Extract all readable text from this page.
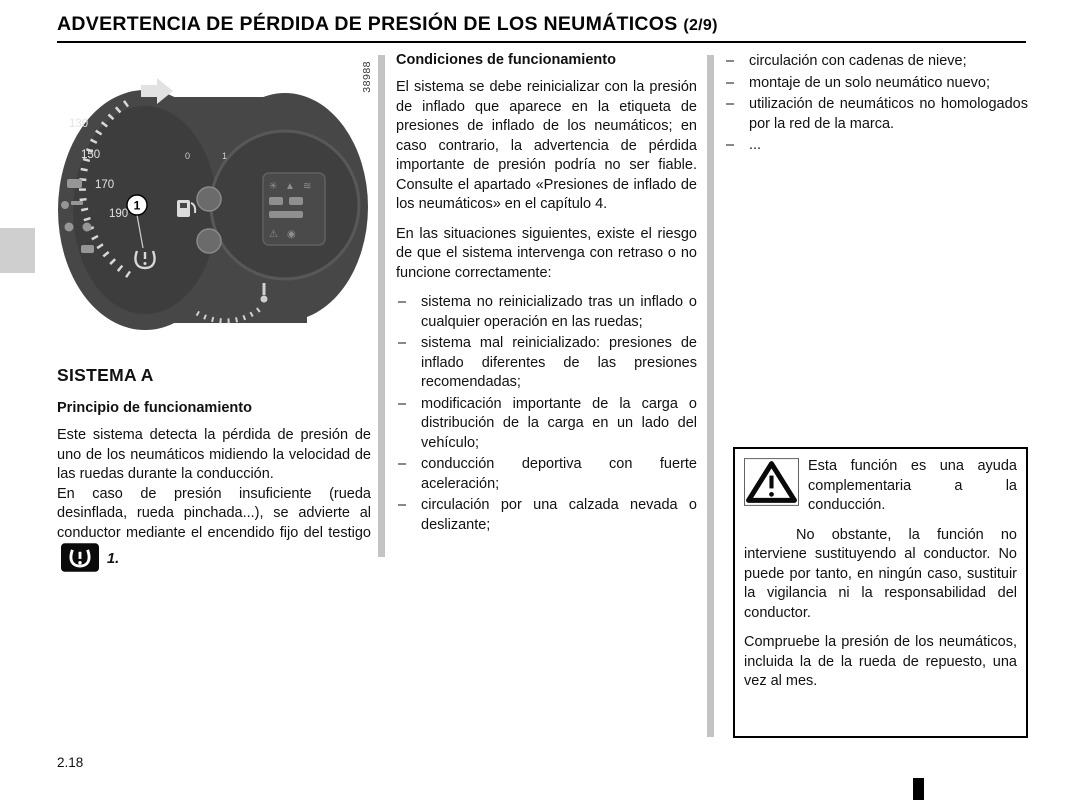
ADVERTENCIA DE PÉRDIDA DE PRESIÓN DE LOS NEUMÁTICOS (2/9)
130
150
170
190
1
0	1
✳ ▲ ≋
⚠ ◉
38988
SISTEMA A
Principio de funcionamiento

Este sistema detecta la pérdida de presión de uno de los neumáticos midiendo la velocidad de las ruedas durante la conducción.

En caso de presión insuficiente (rueda desinflada, rueda pinchada...), se advierte al conductor mediante el encendido fijo del testigo  1.

Condiciones de funcionamiento

El sistema se debe reinicializar con la presión de inflado que aparece en la etiqueta de presiones de inflado de los neumáticos; en caso contrario, la advertencia de pérdida importante de presión podría no ser fiable. Consulte el apartado «Presiones de inflado de los neumáticos» en el capítulo 4.

En las situaciones siguientes, existe el riesgo de que el sistema intervenga con retraso o no funcione correctamente:

– sistema no reinicializado tras un inflado o cualquier operación en las ruedas;
– sistema mal reinicializado: presiones de inflado diferentes de las presiones recomendadas;
– modificación importante de la carga o distribución de la carga en un lado del vehículo;
– conducción deportiva con fuerte aceleración;
– circulación por una calzada nevada o deslizante;
– circulación con cadenas de nieve;
– montaje de un solo neumático nuevo;
– utilización de neumáticos no homologados por la red de la marca.
– ...

Esta función es una ayuda complementaria a la conducción.

No obstante, la función no interviene sustituyendo al conductor. No puede por tanto, en ningún caso, sustituir la vigilancia ni la responsabilidad del conductor.

Compruebe la presión de los neumáticos, incluida la de la rueda de repuesto, una vez al mes.

2.18
